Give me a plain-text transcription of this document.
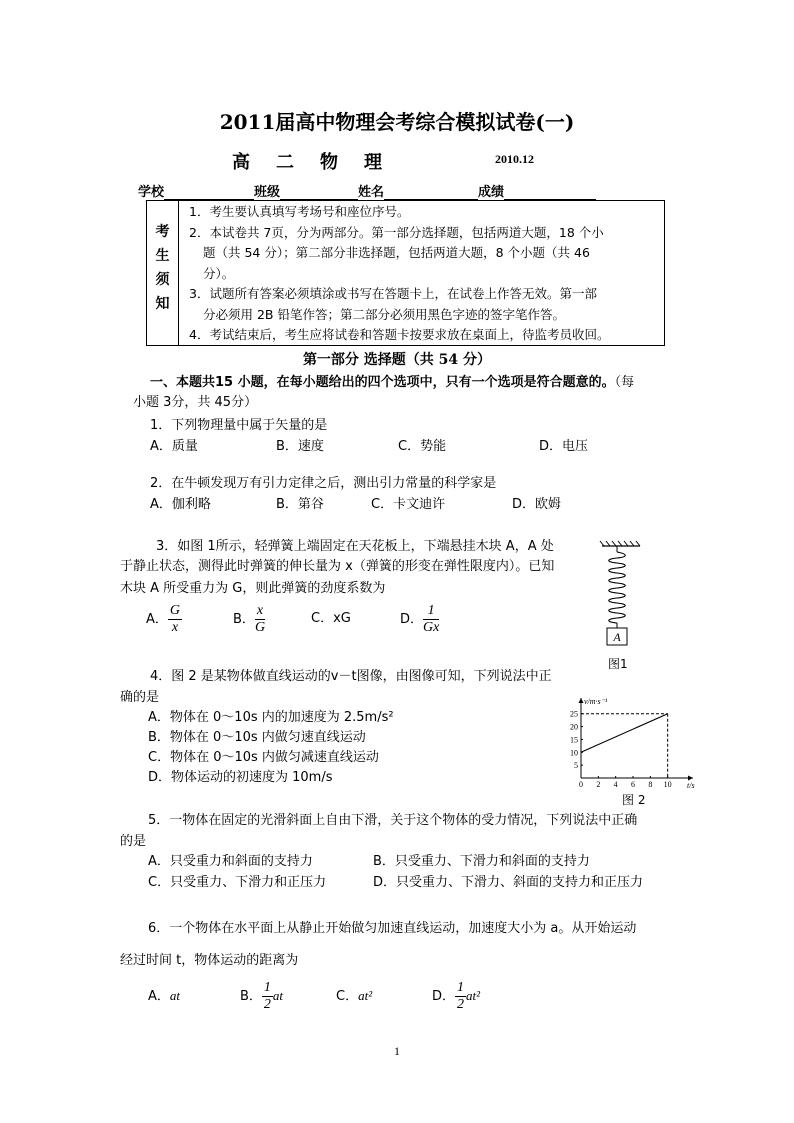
2011届高中物理会考综合模拟试卷(一)
高二物理	2010.12
学校	班级	姓名	成绩
考
生
须
知
1．考生要认真填写考场号和座位序号。
2．本试卷共 7页，分为两部分。第一部分选择题，包括两道大题，18 个小
题（共 54 分）；第二部分非选择题，包括两道大题，8 个小题（共 46
分）。
3．试题所有答案必须填涂或书写在答题卡上，在试卷上作答无效。第一部
分必须用 2B 铅笔作答；第二部分必须用黑色字迹的签字笔作答。
4．考试结束后，考生应将试卷和答题卡按要求放在桌面上，待监考员收回。
第一部分 选择题（共 54 分）
一、本题共15 小题，在每小题给出的四个选项中，只有一个选项是符合题意的。（每
小题 3分，共 45分）
1．下列物理量中属于矢量的是
A．质量	B．速度	C．势能	D．电压
2．在牛顿发现万有引力定律之后，测出引力常量的科学家是
A．伽利略	B．第谷	C．卡文迪许	D．欧姆
3．如图 1所示，轻弹簧上端固定在天花板上，下端悬挂木块 A，A 处
于静止状态，测得此时弹簧的伸长量为 x（弹簧的形变在弹性限度内）。已知
木块 A 所受重力为 G，则此弹簧的劲度系数为
A． $\frac{G}{x}$	B． $\frac{x}{G}$	C．xG	D． $\frac{1}{Gx}$
A
图1
4．图 2 是某物体做直线运动的v－t图像，由图像可知，下列说法中正
确的是
A．物体在 0～10s 内的加速度为 2.5m/s²
B．物体在 0～10s 内做匀速直线运动
C．物体在 0～10s 内做匀减速直线运动
D．物体运动的初速度为 10m/s	0 2 4 6 8 10
5
10
15
20
25
v/m·s⁻¹
t/s
图 2
5．一物体在固定的光滑斜面上自由下滑，关于这个物体的受力情况，下列说法中正确
的是
A．只受重力和斜面的支持力	B．只受重力、下滑力和斜面的支持力
C．只受重力、下滑力和正压力	D．只受重力、下滑力、斜面的支持力和正压力
6．一个物体在水平面上从静止开始做匀加速直线运动，加速度大小为 a。从开始运动
经过时间 t，物体运动的距离为
A．at	B． $\frac{1}{2}$ at	C．at²	D． $\frac{1}{2} at^2$
1
